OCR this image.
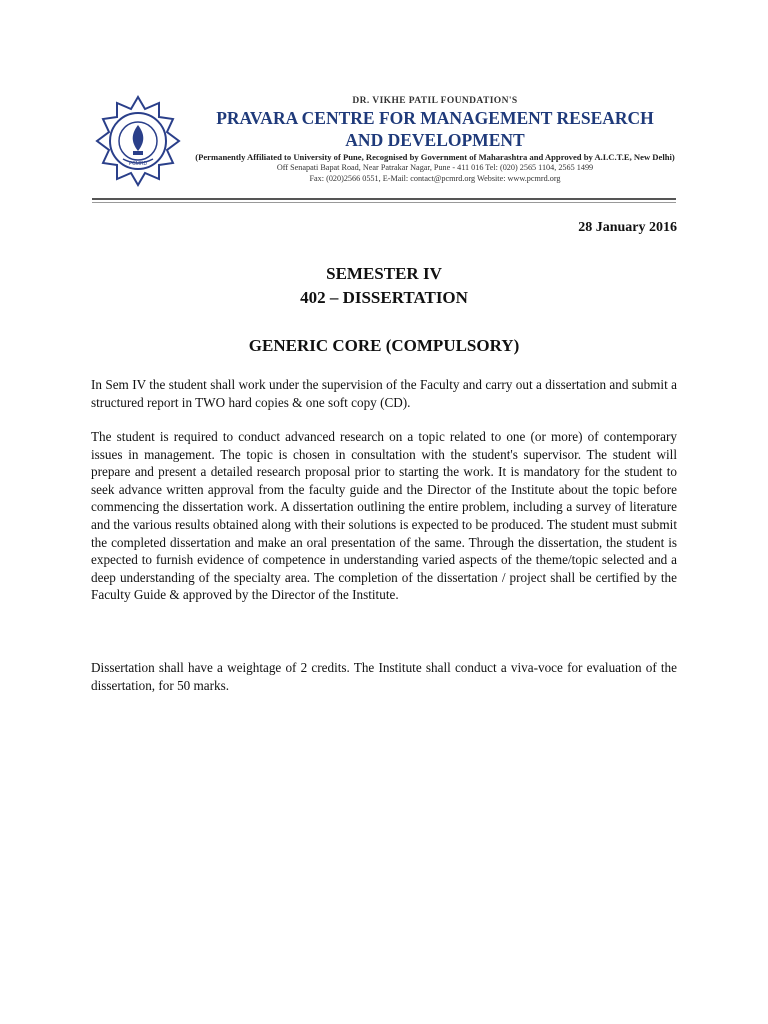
PCMRD
DR. VIKHE PATIL FOUNDATION'S
PRAVARA CENTRE FOR MANAGEMENT RESEARCH
AND DEVELOPMENT
(Permanently Affiliated to University of Pune, Recognised by Government of Maharashtra and Approved by A.I.C.T.E, New Delhi)
Off Senapati Bapat Road, Near Patrakar Nagar, Pune - 411 016 Tel: (020) 2565 1104, 2565 1499
Fax: (020)2566 0551, E-Mail: contact@pcmrd.org Website: www.pcmrd.org
28 January 2016
SEMESTER IV
402 – DISSERTATION
GENERIC CORE (COMPULSORY)

In Sem IV the student shall work under the supervision of the Faculty and carry out a dissertation and submit a structured report in TWO hard copies & one soft copy (CD).

The student is required to conduct advanced research on a topic related to one (or more) of contemporary issues in management. The topic is chosen in consultation with the student's supervisor. The student will prepare and present a detailed research proposal prior to starting the work. It is mandatory for the student to seek advance written approval from the faculty guide and the Director of the Institute about the topic before commencing the dissertation work. A dissertation outlining the entire problem, including a survey of literature and the various results obtained along with their solutions is expected to be produced. The student must submit the completed dissertation and make an oral presentation of the same. Through the dissertation, the student is expected to furnish evidence of competence in understanding varied aspects of the theme/topic selected and a deep understanding of the specialty area. The completion of the dissertation / project shall be certified by the Faculty Guide & approved by the Director of the Institute.

Dissertation shall have a weightage of 2 credits. The Institute shall conduct a viva-voce for evaluation of the dissertation, for 50 marks.
